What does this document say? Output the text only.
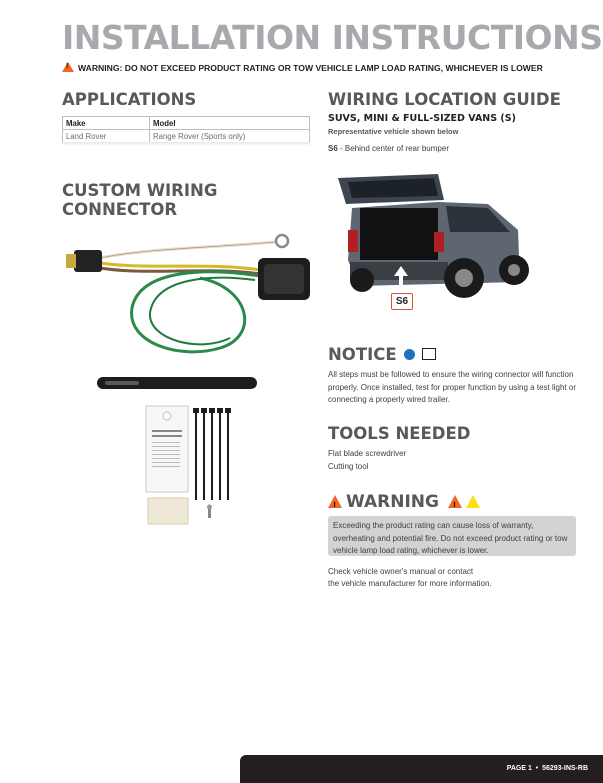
INSTALLATION INSTRUCTIONS
!WARNING: DO NOT EXCEED PRODUCT RATING OR TOW VEHICLE LAMP LOAD RATING, WHICHEVER IS LOWER
APPLICATIONS
Make	Model
Land Rover	Range Rover (Sports only)
CUSTOM WIRING
CONNECTOR
WIRING LOCATION GUIDE
SUVS, MINI & FULL-SIZED VANS (S)
Representative vehicle shown below
S6 - Behind center of rear bumper
S6
NOTICE
All steps must be followed to ensure the wiring connector will function properly. Once installed, test for proper function by using a test light or connecting a properly wired trailer.
TOOLS NEEDED
Flat blade screwdriver
Cutting tool
!WARNING !
Exceeding the product rating can cause loss of warranty, overheating and potential fire. Do not exceed product rating or tow vehicle lamp load rating, whichever is lower.
Check vehicle owner's manual or contact
the vehicle manufacturer for more information.
PAGE 1  •  56293-INS-RB
